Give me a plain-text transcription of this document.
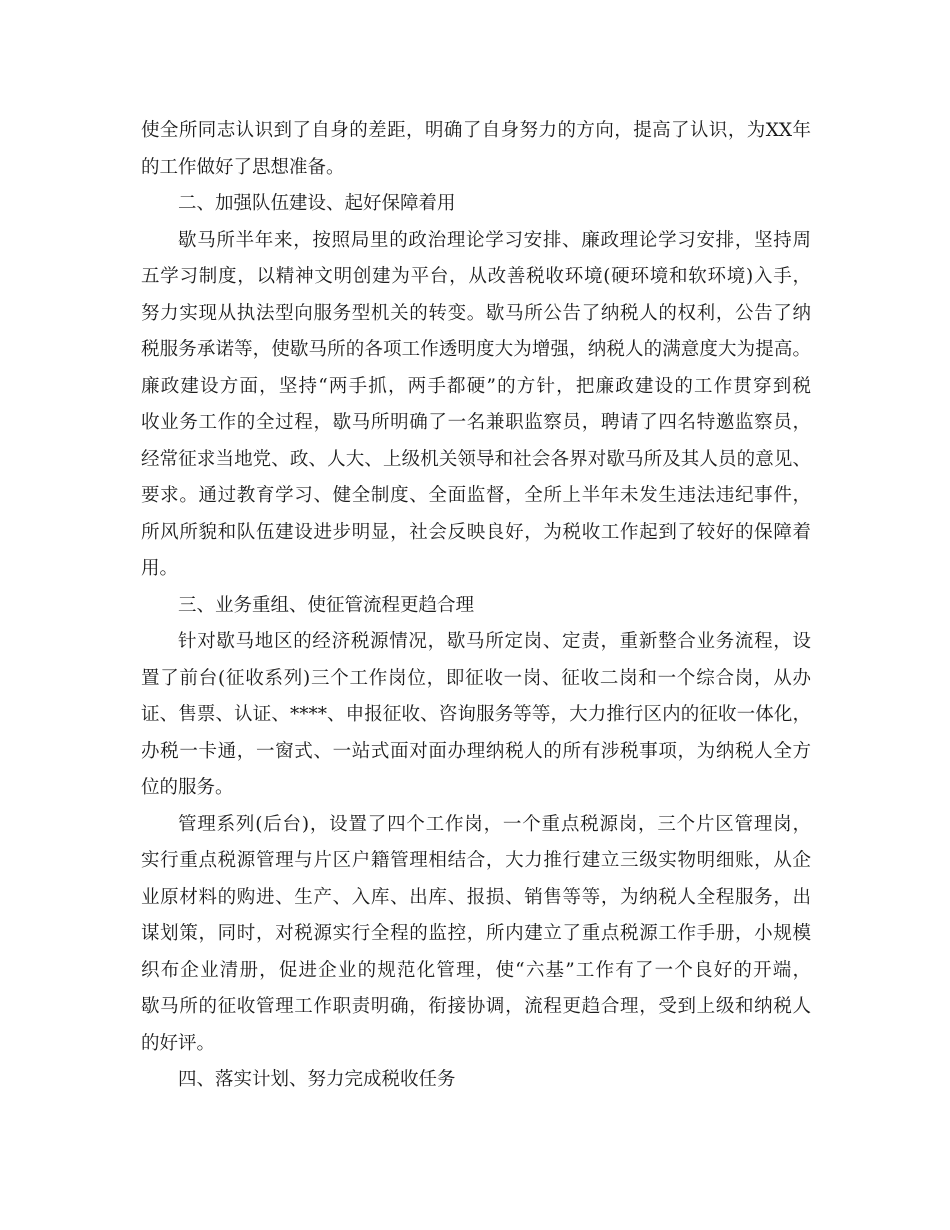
使全所同志认识到了自身的差距，明确了自身努力的方向，提高了认识，为XX年
的工作做好了思想准备。
二、加强队伍建设、起好保障着用
歇马所半年来，按照局里的政治理论学习安排、廉政理论学习安排，坚持周
五学习制度，以精神文明创建为平台，从改善税收环境(硬环境和软环境)入手，
努力实现从执法型向服务型机关的转变。歇马所公告了纳税人的权利，公告了纳
税服务承诺等，使歇马所的各项工作透明度大为增强，纳税人的满意度大为提高。
廉政建设方面，坚持“两手抓，两手都硬”的方针，把廉政建设的工作贯穿到税
收业务工作的全过程，歇马所明确了一名兼职监察员，聘请了四名特邀监察员，
经常征求当地党、政、人大、上级机关领导和社会各界对歇马所及其人员的意见、
要求。通过教育学习、健全制度、全面监督，全所上半年未发生违法违纪事件，
所风所貌和队伍建设进步明显，社会反映良好，为税收工作起到了较好的保障着
用。
三、业务重组、使征管流程更趋合理
针对歇马地区的经济税源情况，歇马所定岗、定责，重新整合业务流程，设
置了前台(征收系列)三个工作岗位，即征收一岗、征收二岗和一个综合岗，从办
证、售票、认证、****、申报征收、咨询服务等等，大力推行区内的征收一体化，
办税一卡通，一窗式、一站式面对面办理纳税人的所有涉税事项，为纳税人全方
位的服务。
管理系列(后台)，设置了四个工作岗，一个重点税源岗，三个片区管理岗，
实行重点税源管理与片区户籍管理相结合，大力推行建立三级实物明细账，从企
业原材料的购进、生产、入库、出库、报损、销售等等，为纳税人全程服务，出
谋划策，同时，对税源实行全程的监控，所内建立了重点税源工作手册，小规模
织布企业清册，促进企业的规范化管理，使“六基”工作有了一个良好的开端，
歇马所的征收管理工作职责明确，衔接协调，流程更趋合理，受到上级和纳税人
的好评。
四、落实计划、努力完成税收任务
